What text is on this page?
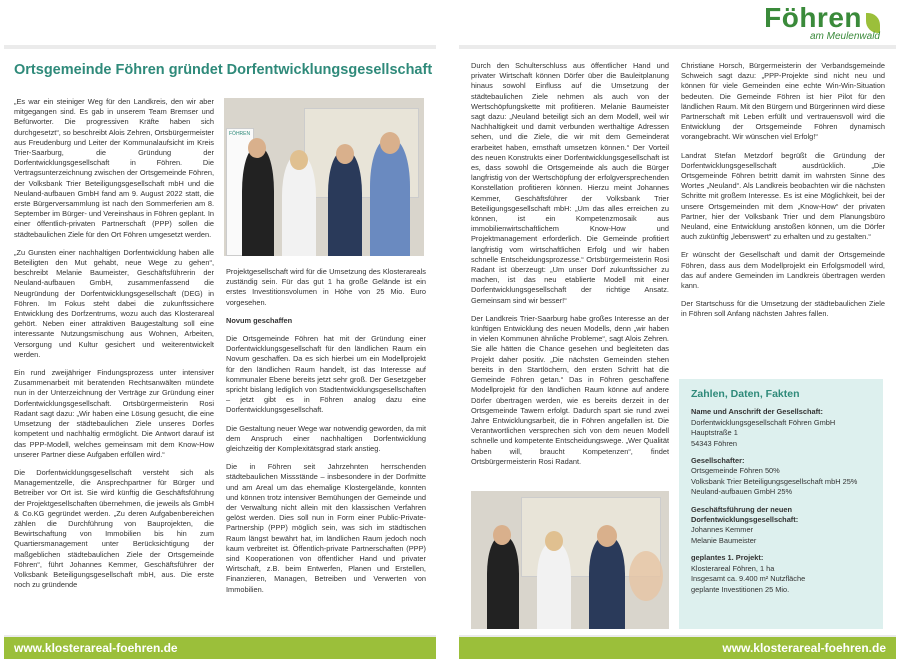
Föhren
am Meulenwald
Ortsgemeinde Föhren gründet Dorfentwicklungsgesellschaft

„Es war ein steiniger Weg für den Landkreis, den wir aber mitgegangen sind. Es gab in unserem Team Bremser und Befürworter. Die progressiven Kräfte haben sich durchgesetzt“, so beschreibt Alois Zehren, Ortsbürgermeister aus Freudenburg und Leiter der Kommunalaufsicht im Kreis Trier-Saarburg, die Gründung der Dorfentwicklungsgesellschaft in Föhren. Die Vertragsunterzeichnung zwischen der Ortsgemeinde Föhren, der Volksbank Trier Beteiligungsgesellschaft mbH und die Neuland-aufbauen GmbH fand am 9. August 2022 statt, die erste Bürgerversammlung ist nach den Sommerferien am 8. September im Bürger- und Vereinshaus in Föhren geplant. In einer öffentlich-privaten Partnerschaft (PPP) sollen die städtebaulichen Ziele für den Ort Föhren umgesetzt werden.

„Zu Gunsten einer nachhaltigen Dorfentwicklung haben alle Beteiligten den Mut gehabt, neue Wege zu gehen“, beschreibt Melanie Baumeister, Geschäftsführerin der Neuland-aufbauen GmbH, zusammenfassend die Neugründung der Dorfentwicklungsgesellschaft (DEG) in Föhren. Im Fokus steht dabei die zukunftssichere Entwicklung des Dorfzentrums, wozu auch das Klosterareal gehört. Neben einer attraktiven Baugestaltung soll eine interessante Nutzungsmischung aus Wohnen, Arbeiten, Versorgung und Kultur gesichert und weiterentwickelt werden.

Ein rund zweijähriger Findungsprozess unter intensiver Zusammenarbeit mit beratenden Rechtsanwälten mündete nun in der Unterzeichnung der Verträge zur Gründung einer Dorfentwicklungsgesellschaft. Ortsbürgermeisterin Rosi Radant sagt dazu: „Wir haben eine Lösung gesucht, die eine Umsetzung der städtebaulichen Ziele unseres Dorfes kompetent und nachhaltig ermöglicht. Die Antwort darauf ist das PPP-Modell, welches gemeinsam mit dem Know-How unserer Partner diese Aufgaben erfüllen wird.“

Die Dorfentwicklungsgesellschaft versteht sich als Managementzelle, die Ansprechpartner für Bürger und Betreiber vor Ort ist. Sie wird künftig die Geschäftsführung der Projektgesellschaften übernehmen, die jeweils als GmbH & Co.KG gegründet werden. „Zu deren Aufgabenbereichen zählen die Durchführung von Bauprojekten, die Bewirtschaftung von Immobilien bis hin zum Quartiersmanagement unter Berücksichtigung der maßgeblichen städtebaulichen Ziele der Ortsgemeinde Föhren“, führt Johannes Kemmer, Geschäftsführer der Volksbank Beteiligungsgesellschaft mbH, aus. Die erste noch zu gründende

FÖHREN

Projektgesellschaft wird für die Umsetzung des Klosterareals zuständig sein. Für das gut 1 ha große Gelände ist ein erstes Investitionsvolumen in Höhe von 25 Mio. Euro vorgesehen.

Novum geschaffen

Die Ortsgemeinde Föhren hat mit der Gründung einer Dorfentwicklungsgesellschaft für den ländlichen Raum ein Novum geschaffen. Da es sich hierbei um ein Modellprojekt für den ländlichen Raum handelt, ist das Interesse auf kommunaler Ebene bereits jetzt sehr groß. Der Gesetzgeber spricht bislang lediglich von Stadtentwicklungsgesellschaften – jetzt gibt es in Föhren analog dazu eine Dorfentwicklungsgesellschaft.

Die Gestaltung neuer Wege war notwendig geworden, da mit dem Anspruch einer nachhaltigen Dorfentwicklung gleichzeitig der Komplexitätsgrad stark anstieg.

Die in Föhren seit Jahrzehnten herrschenden städtebaulichen Missstände – insbesondere in der Dorfmitte und am Areal um das ehemalige Klostergelände, konnten und können trotz intensiver Bemühungen der Gemeinde und der Verwaltung nicht allein mit den klassischen Verfahren gelöst werden. Dies soll nun in Form einer Public-Private-Partnership (PPP) möglich sein, was sich im städtischen Raum längst bewährt hat, im ländlichen Raum jedoch noch kaum verbreitet ist. Öffentlich-private Partnerschaften (PPP) sind Kooperationen von öffentlicher Hand und privater Wirtschaft, z.B. beim Entwerfen, Planen und Erstellen, Finanzieren, Managen, Betreiben und Verwerten von Immobilien.

www.klosterareal-foehren.de

Durch den Schulterschluss aus öffentlicher Hand und privater Wirtschaft können Dörfer über die Bauleitplanung hinaus sowohl Einfluss auf die Umsetzung der städtebaulichen Ziele nehmen als auch von der Wertschöpfungskette mit profitieren. Melanie Baumeister sagt dazu: „Neuland beteiligt sich an dem Modell, weil wir Nachhaltigkeit und damit verbunden werthaltige Adressen sehen, und die Ziele, die wir mit dem Gemeinderat erarbeitet haben, ernsthaft umsetzen können.“ Der Vorteil des neuen Konstrukts einer Dorfentwicklungsgesellschaft ist es, dass sowohl die Ortsgemeinde als auch die Bürger langfristig von der Wertschöpfung der erfolgversprechenden Konstellation profitieren können. Hierzu meint Johannes Kemmer, Geschäftsführer der Volksbank Trier Beteiligungsgesellschaft mbH: „Um das alles erreichen zu können, ist ein Kompetenzmosaik aus immobilienwirtschaftlichem Know-How und Projektmanagement erforderlich. Die Gemeinde profitiert langfristig vom wirtschaftlichen Erfolg und wir haben schnelle Entscheidungsprozesse.“ Ortsbürgermeisterin Rosi Radant ist überzeugt: „Um unser Dorf zukunftssicher zu machen, ist das neu etablierte Modell mit einer Dorfentwicklungsgesellschaft der richtige Ansatz. Gemeinsam sind wir besser!“

Der Landkreis Trier-Saarburg habe großes Interesse an der künftigen Entwicklung des neuen Modells, denn „wir haben in vielen Kommunen ähnliche Probleme“, sagt Alois Zehren. Sie alle hätten die Chance gesehen und begleiteten das Projekt daher positiv. „Die nächsten Gemeinden stehen bereits in den Startlöchern, den ersten Schritt hat die Gemeinde Föhren getan.“ Das in Föhren geschaffene Modellprojekt für den ländlichen Raum könne auf andere Dörfer übertragen werden, wie es bereits derzeit in der Ortsgemeinde Tawern erfolgt. Dadurch spart sie rund zwei Jahre Entwicklungsarbeit, die in Föhren angefallen ist. Die Verantwortlichen versprechen sich von dem neuen Modell schnelle und kompetente Entscheidungswege. „Wer Qualität haben will, braucht Kompetenzen“, findet Ortsbürgermeisterin Rosi Radant.

Christiane Horsch, Bürgermeisterin der Verbandsgemeinde Schweich sagt dazu: „PPP-Projekte sind nicht neu und können für viele Gemeinden eine echte Win-Win-Situation bedeuten. Die Gemeinde Föhren ist hier Pilot für den ländlichen Raum. Mit den Bürgern und Bürgerinnen wird diese Partnerschaft mit Leben erfüllt und vertrauensvoll wird die Entwicklung der Ortsgemeinde Föhren dynamisch vorangebracht. Wir wünschen viel Erfolg!“

Landrat Stefan Metzdorf begrüßt die Gründung der Dorfentwicklungsgesellschaft ausdrücklich. „Die Ortsgemeinde Föhren betritt damit im wahrsten Sinne des Wortes „Neuland“. Als Landkreis beobachten wir die nächsten Schritte mit großem Interesse. Es ist eine Möglichkeit, bei der unsere Ortsgemeinden mit dem „Know-How“ der privaten Partner, hier der Volksbank Trier und dem Planungsbüro Neuland, eine Entwicklung anstoßen können, um die Dörfer auch zukünftig „lebenswert“ zu erhalten und zu gestalten.“

Er wünscht der Gesellschaft und damit der Ortsgemeinde Föhren, dass aus dem Modellprojekt ein Erfolgsmodell wird, das auf andere Gemeinden im Landkreis übertragen werden kann.

Der Startschuss für die Umsetzung der städtebaulichen Ziele in Föhren soll Anfang nächsten Jahres fallen.

Zahlen, Daten, Fakten
Name und Anschrift der Gesellschaft:
Dorfentwicklungsgesellschaft Föhren GmbH
Hauptstraße 1
54343 Föhren
Gesellschafter:
Ortsgemeinde Föhren 50%
Volksbank Trier Beteiligungsgesellschaft mbH 25%
Neuland-aufbauen GmbH 25%
Geschäftsführung der neuen Dorfentwicklungsgesellschaft:
Johannes Kemmer
Melanie Baumeister
geplantes 1. Projekt:
Klosterareal Föhren, 1 ha
Insgesamt ca. 9.400 m² Nutzfläche
geplante Investitionen 25 Mio.
www.klosterareal-foehren.de
